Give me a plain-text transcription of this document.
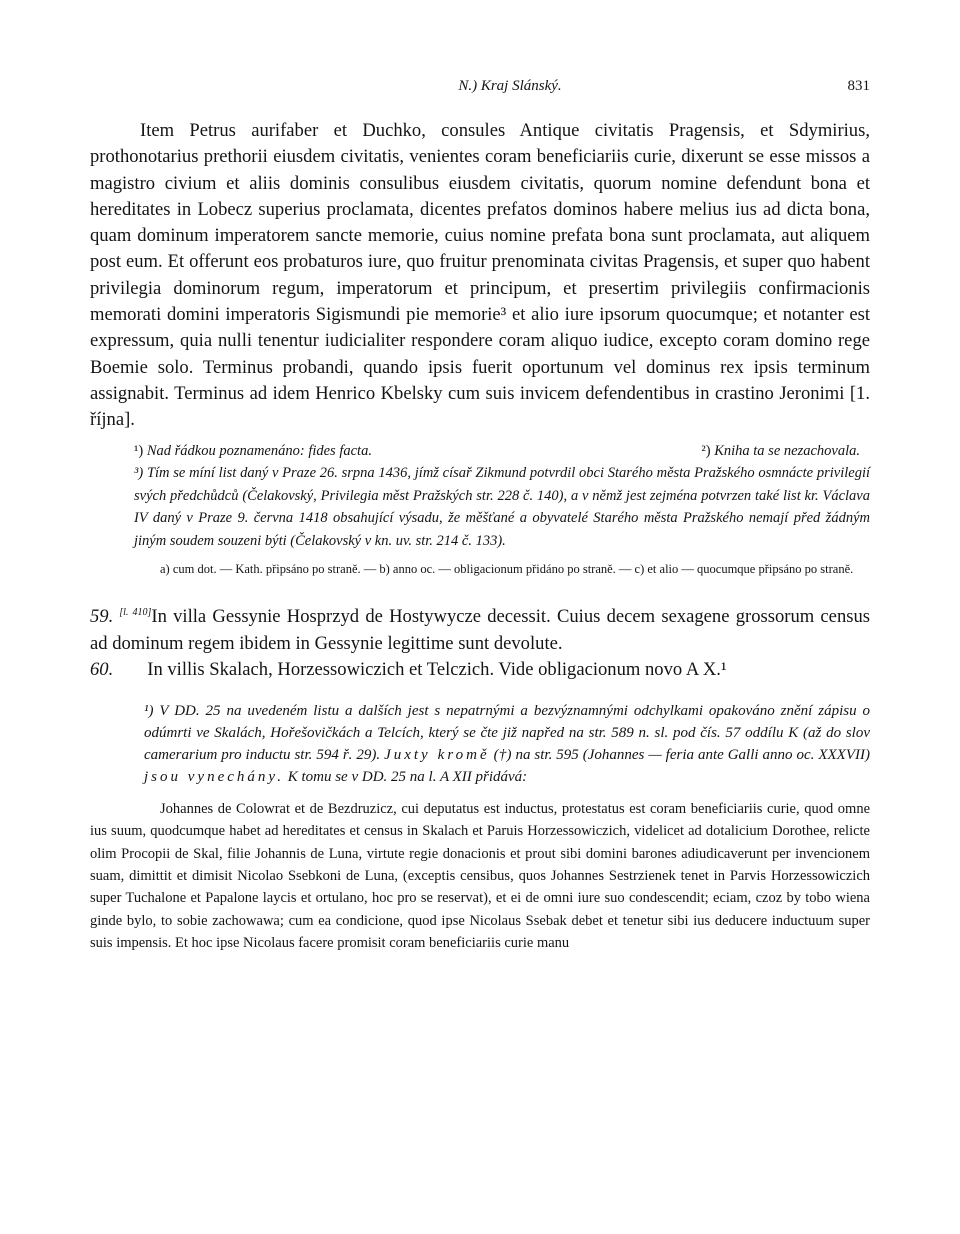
N.) Kraj Slánský.	831

Item Petrus aurifaber et Duchko, consules Antique civitatis Pragensis, et Sdymirius, prothonotarius prethorii eiusdem civitatis, venientes coram beneficiariis curie, dixerunt se esse missos a magistro civium et aliis dominis consulibus eiusdem civitatis, quorum nomine defendunt bona et hereditates in Lobecz superius proclamata, dicentes prefatos dominos habere melius ius ad dicta bona, quam dominum imperatorem sancte memorie, cuius nomine prefata bona sunt proclamata, aut aliquem post eum. Et offerunt eos probaturos iure, quo fruitur prenominata civitas Pragensis, et super quo habent privilegia dominorum regum, imperatorum et principum, et presertim privilegiis confirmacionis memorati domini imperatoris Sigismundi pie memorie³ et alio iure ipsorum quocumque; et notanter est expressum, quia nulli tenentur iudicialiter respondere coram aliquo iudice, excepto coram domino rege Boemie solo. Terminus probandi, quando ipsis fuerit oportunum vel dominus rex ipsis terminum assignabit. Terminus ad idem Henrico Kbelsky cum suis invicem defendentibus in crastino Jeronimi [1. října].

¹) Nad řádkou poznamenáno: fides facta.	²) Kniha ta se nezachovala.

³) Tím se míní list daný v Praze 26. srpna 1436, jímž císař Zikmund potvrdil obci Starého města Pražského osmnácte privilegií svých předchůdců (Čelakovský, Privilegia měst Pražských str. 228 č. 140), a v němž jest zejména potvrzen také list kr. Václava IV daný v Praze 9. června 1418 obsahující výsadu, že měšťané a obyvatelé Starého města Pražského nemají před žádným jiným soudem souzeni býti (Čelakovský v kn. uv. str. 214 č. 133).

a) cum dot. — Kath. připsáno po straně. — b) anno oc. — obligacionum přidáno po straně. — c) et alio — quocumque připsáno po straně.

59. [l. 410]In villa Gessynie Hosprzyd de Hostywycze decessit. Cuius decem sexagene grossorum census ad dominum regem ibidem in Gessynie legittime sunt devolute.

60. In villis Skalach, Horzessowiczich et Telczich. Vide obligacionum novo A X.¹

¹) V DD. 25 na uvedeném listu a dalších jest s nepatrnými a bezvýznamnými odchylkami opakováno znění zápisu o odúmrti ve Skalách, Hořešovičkách a Telcích, který se čte již napřed na str. 589 n. sl. pod čís. 57 oddílu K (až do slov camerarium pro inductu str. 594 ř. 29). Juxty kromě (†) na str. 595 (Johannes — feria ante Galli anno oc. XXXVII) jsou vynechány. K tomu se v DD. 25 na l. A XII přidává:

Johannes de Colowrat et de Bezdruzicz, cui deputatus est inductus, protestatus est coram beneficiariis curie, quod omne ius suum, quodcumque habet ad hereditates et census in Skalach et Paruis Horzessowiczich, videlicet ad dotalicium Dorothee, relicte olim Procopii de Skal, filie Johannis de Luna, virtute regie donacionis et prout sibi domini barones adiudicaverunt per invencionem suam, dimittit et dimisit Nicolao Ssebkoni de Luna, (exceptis censibus, quos Johannes Sestrzienek tenet in Parvis Horzessowiczich super Tuchalone et Papalone laycis et ortulano, hoc pro se reservat), et ei de omni iure suo condescendit; eciam, czoz by tobo wiena ginde bylo, to sobie zachowawa; cum ea condicione, quod ipse Nicolaus Ssebak debet et tenetur sibi ius deducere inductuum super suis impensis. Et hoc ipse Nicolaus facere promisit coram beneficiariis curie manu
